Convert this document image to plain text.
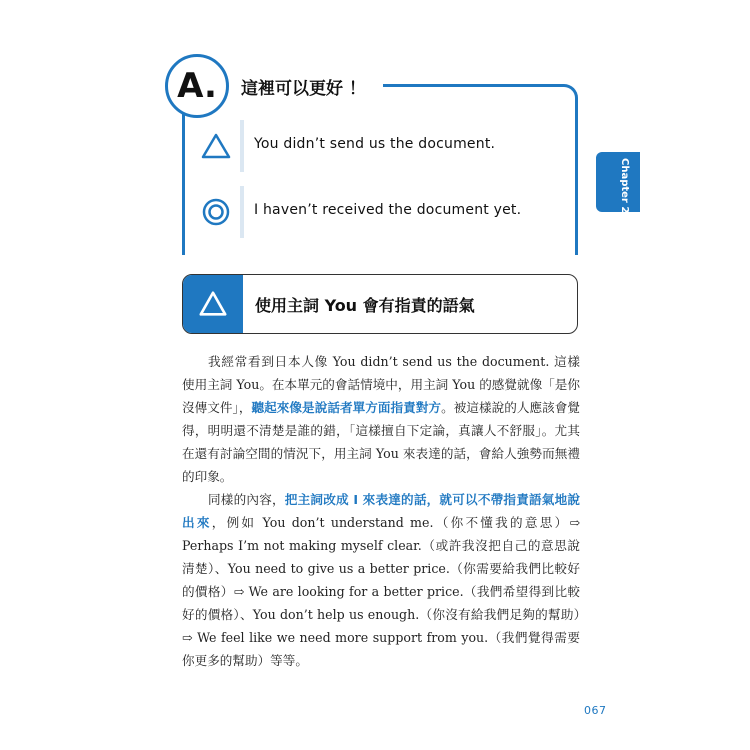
A.	這裡可以更好 ！
You didn’t send us the document.
I haven’t received the document yet.
使用主詞 You 會有指責的語氣

我經常看到日本人像 You didn’t send us the document. 這樣使用主詞 You。在本單元的會話情境中，用主詞 You 的感覺就像「是你沒傳文件」，聽起來像是說話者單方面指責對方。被這樣說的人應該會覺得，明明還不清楚是誰的錯，「這樣擅自下定論，真讓人不舒服」。尤其在還有討論空間的情況下，用主詞 You 來表達的話，會給人強勢而無禮的印象。

同樣的內容，把主詞改成 I 來表達的話，就可以不帶指責語氣地說出來，例如 You don’t understand me.（你不懂我的意思）⇨ Perhaps I’m not making myself clear.（或許我沒把自己的意思說清楚）、You need to give us a better price.（你需要給我們比較好的價格）⇨ We are looking for a better price.（我們希望得到比較好的價格）、You don’t help us enough.（你沒有給我們足夠的幫助）⇨ We feel like we need more support from you.（我們覺得需要你更多的幫助）等等。

Chapter 2
067
